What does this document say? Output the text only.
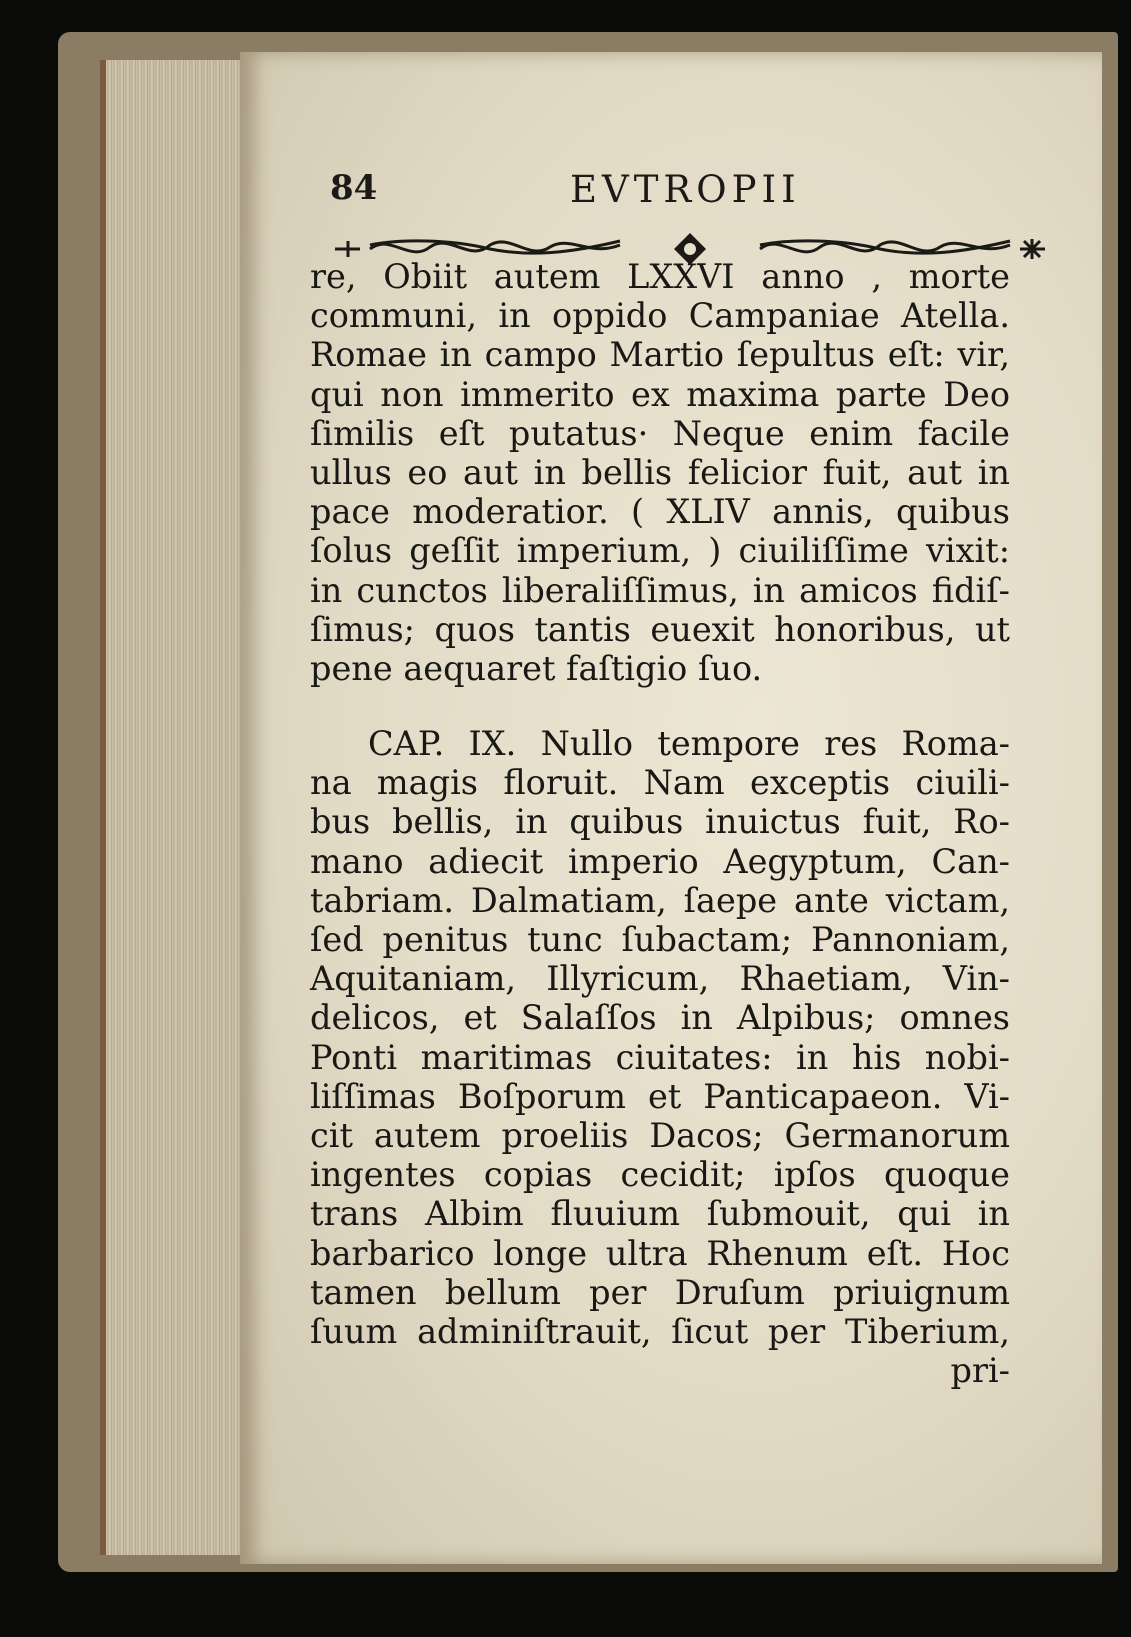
84	EVTROPII
re, Obiit autem LXXVI anno , morte
communi, in oppido Campaniae Atella.
Romae in campo Martio ſepultus eſt: vir,
qui non immerito ex maxima parte Deo
ſimilis eſt putatus· Neque enim facile
ullus eo aut in bellis felicior fuit, aut in
pace moderatior. ( XLIV annis, quibus
ſolus geſſit imperium, ) ciuiliſſime vixit:
in cunctos liberaliſſimus, in amicos fidiſ-
ſimus; quos tantis euexit honoribus, ut
pene aequaret faſtigio ſuo.
CAP. IX. Nullo tempore res Roma-
na magis floruit. Nam exceptis ciuili-
bus bellis, in quibus inuictus fuit, Ro-
mano adiecit imperio Aegyptum, Can-
tabriam. Dalmatiam, ſaepe ante victam,
ſed penitus tunc ſubactam; Pannoniam,
Aquitaniam, Illyricum, Rhaetiam, Vin-
delicos, et Salaſſos in Alpibus; omnes
Ponti maritimas ciuitates: in his nobi-
liſſimas Boſporum et Panticapaeon. Vi-
cit autem proeliis Dacos; Germanorum
ingentes copias cecidit; ipſos quoque
trans Albim fluuium ſubmouit, qui in
barbarico longe ultra Rhenum eſt. Hoc
tamen bellum per Druſum priuignum
ſuum adminiſtrauit, ſicut per Tiberium,
pri-
